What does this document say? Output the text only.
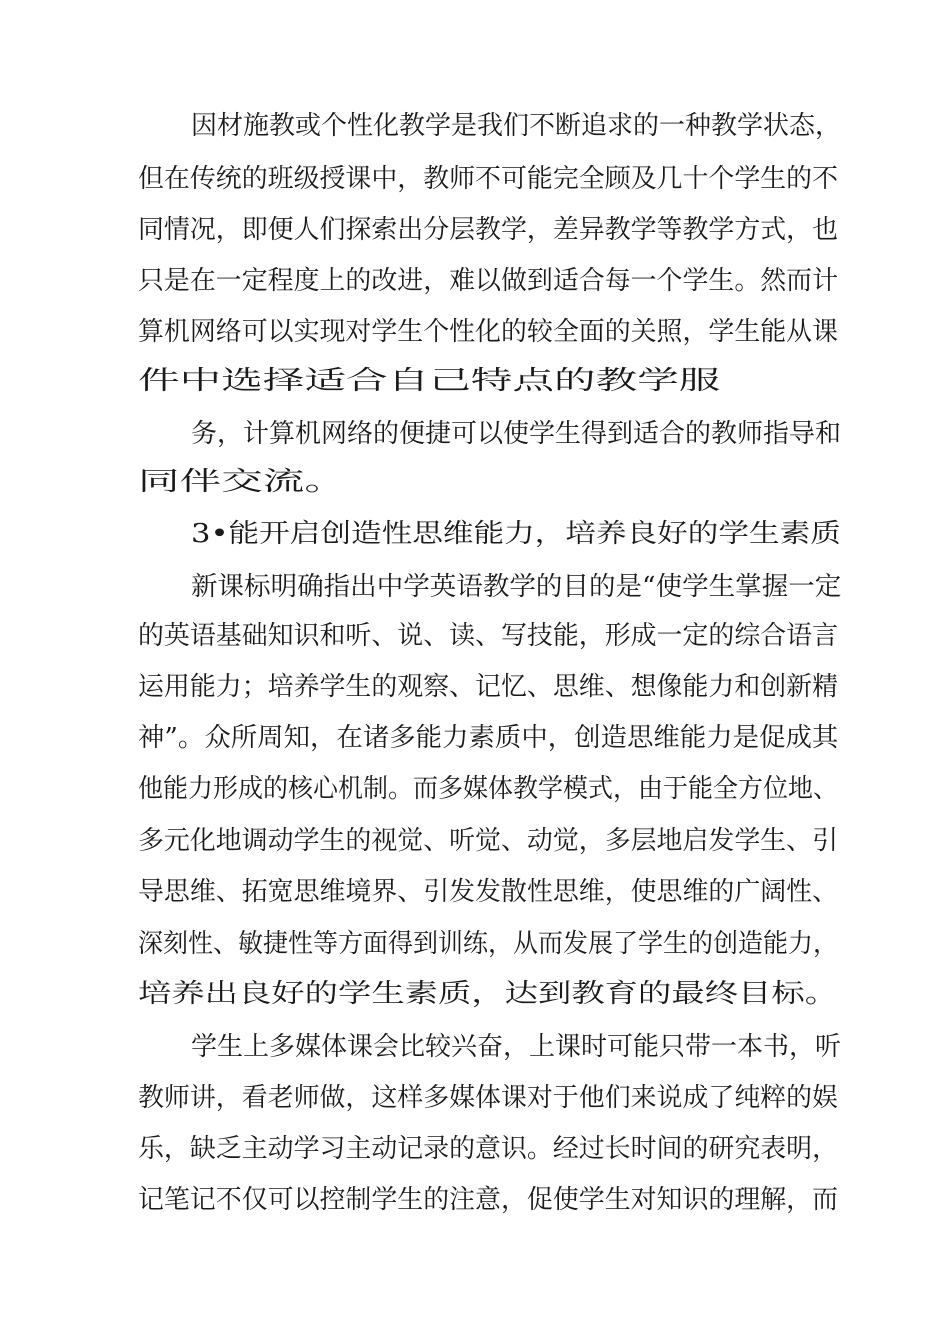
因材施教或个性化教学是我们不断追求的一种教学状态，
但在传统的班级授课中，教师不可能完全顾及几十个学生的不
同情况，即便人们探索出分层教学，差异教学等教学方式，也
只是在一定程度上的改进，难以做到适合每一个学生。然而计
算机网络可以实现对学生个性化的较全面的关照，学生能从课
件中选择适合自己特点的教学服
务，计算机网络的便捷可以使学生得到适合的教师指导和
同伴交流。
3•能开启创造性思维能力，培养良好的学生素质
新课标明确指出中学英语教学的目的是“使学生掌握一定
的英语基础知识和听、说、读、写技能，形成一定的综合语言
运用能力；培养学生的观察、记忆、思维、想像能力和创新精
神”。众所周知，在诸多能力素质中，创造思维能力是促成其
他能力形成的核心机制。而多媒体教学模式，由于能全方位地、
多元化地调动学生的视觉、听觉、动觉，多层地启发学生、引
导思维、拓宽思维境界、引发发散性思维，使思维的广阔性、
深刻性、敏捷性等方面得到训练，从而发展了学生的创造能力，
培养出良好的学生素质，达到教育的最终目标。
学生上多媒体课会比较兴奋，上课时可能只带一本书，听
教师讲，看老师做，这样多媒体课对于他们来说成了纯粹的娱
乐，缺乏主动学习主动记录的意识。经过长时间的研究表明，
记笔记不仅可以控制学生的注意，促使学生对知识的理解，而
